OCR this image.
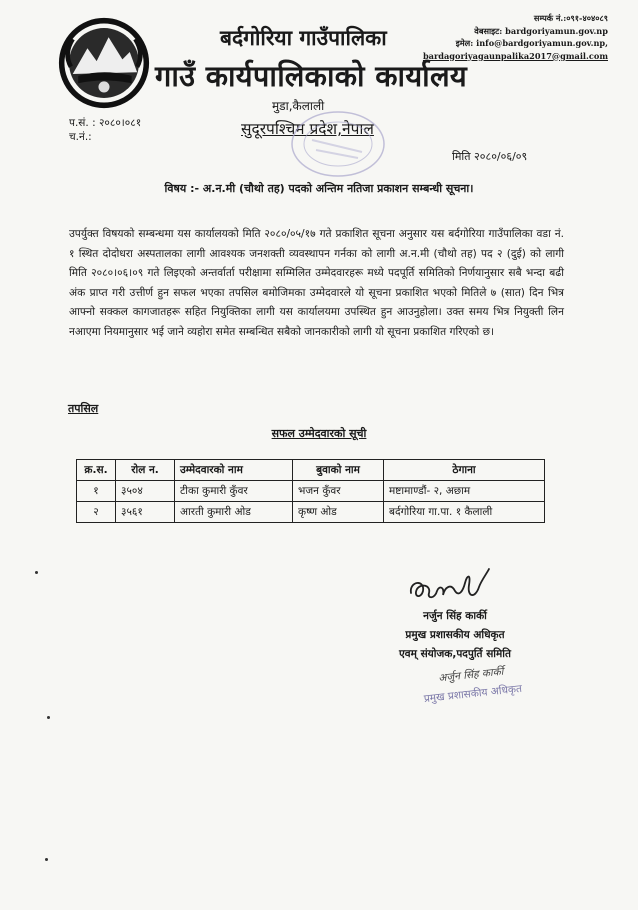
सम्पर्क नं.:०९१-४०४०८९
वेबसाइट: bardgoriyamun.gov.np
इमेल: info@bardgoriyamun.gov.np,
bardagoriyagaunpalika2017@gmail.com
बर्दगोरिया गाउँपालिका
गाउँ कार्यपालिकाको कार्यालय
मुडा,कैलाली
सुदूरपश्चिम प्रदेश,नेपाल
प.सं. : २०८०।०८१
च.नं.:
मिति २०८०/०६/०९
विषय :- अ.न.मी (चौथो तह) पदको अन्तिम नतिजा प्रकाशन सम्बन्धी सूचना।
उपर्युक्त विषयको सम्बन्धमा यस कार्यालयको मिति २०८०/०५/१७ गते प्रकाशित सूचना अनुसार यस बर्दगोरिया गाउँपालिका वडा नं. १ स्थित दोदोधरा अस्पतालका लागी आवश्यक जनशक्ती व्यवस्थापन गर्नका को लागी अ.न.मी (चौथो तह) पद २ (दुई) को लागी मिति २०८०।०६।०९ गते लिइएको अन्तर्वार्ता परीक्षामा सम्मिलित उम्मेदवारहरू मध्ये पदपूर्ति समितिको निर्णयानुसार सबै भन्दा बढी अंक प्राप्त गरी उत्तीर्ण हुन सफल भएका तपसिल बमोजिमका उम्मेदवारले यो सूचना प्रकाशित भएको मितिले ७ (सात) दिन भित्र आफ्नो सक्कल कागजातहरू सहित नियुक्तिका लागी यस कार्यालयमा उपस्थित हुन आउनुहोला। उक्त समय भित्र नियुक्ती लिन नआएमा नियमानुसार भई जाने व्यहोरा समेत सम्बन्धित सबैको जानकारीको लागी यो सूचना प्रकाशित गरिएको छ।
तपसिल
सफल उम्मेदवारको सूची
क्र.स.	रोल न.	उम्मेदवारको नाम	बुवाको नाम	ठेगाना
१	३५०४	टीका कुमारी कुँवर	भजन कुँवर	मष्टामाण्डौं- २, अछाम
२	३५६१	आरती कुमारी ओड	कृष्ण ओड	बर्दगोरिया गा.पा. १ कैलाली
नर्जुन सिंह कार्की
प्रमुख प्रशासकीय अधिकृत
एवम् संयोजक,पदपुर्ति समिति
अर्जुन सिंह कार्की
प्रमुख प्रशासकीय अधिकृत
